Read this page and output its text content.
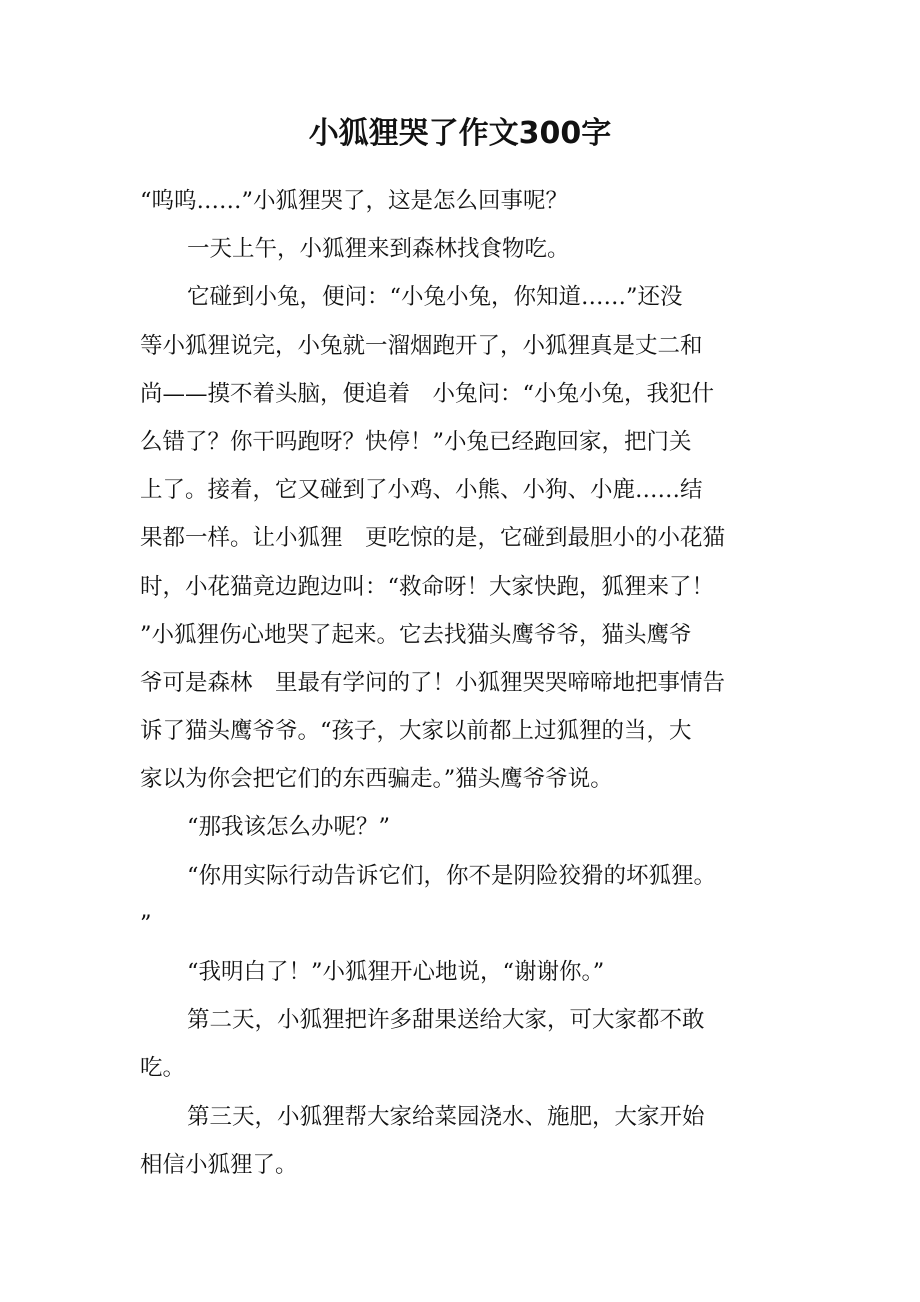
小狐狸哭了作文300字
“呜呜……”小狐狸哭了，这是怎么回事呢？
一天上午，小狐狸来到森林找食物吃。
它碰到小兔，便问：“小兔小兔，你知道……”还没
等小狐狸说完，小兔就一溜烟跑开了，小狐狸真是丈二和
尚——摸不着头脑，便追着　小兔问：“小兔小兔，我犯什
么错了？你干吗跑呀？快停！”小兔已经跑回家，把门关
上了。接着，它又碰到了小鸡、小熊、小狗、小鹿……结
果都一样。让小狐狸　更吃惊的是，它碰到最胆小的小花猫
时，小花猫竟边跑边叫：“救命呀！大家快跑，狐狸来了！
”小狐狸伤心地哭了起来。它去找猫头鹰爷爷，猫头鹰爷
爷可是森林　里最有学问的了！小狐狸哭哭啼啼地把事情告
诉了猫头鹰爷爷。“孩子，大家以前都上过狐狸的当，大
家以为你会把它们的东西骗走。”猫头鹰爷爷说。
“那我该怎么办呢？”
“你用实际行动告诉它们，你不是阴险狡猾的坏狐狸。
”
“我明白了！”小狐狸开心地说，“谢谢你。”
第二天，小狐狸把许多甜果送给大家，可大家都不敢
吃。
第三天，小狐狸帮大家给菜园浇水、施肥，大家开始
相信小狐狸了。
